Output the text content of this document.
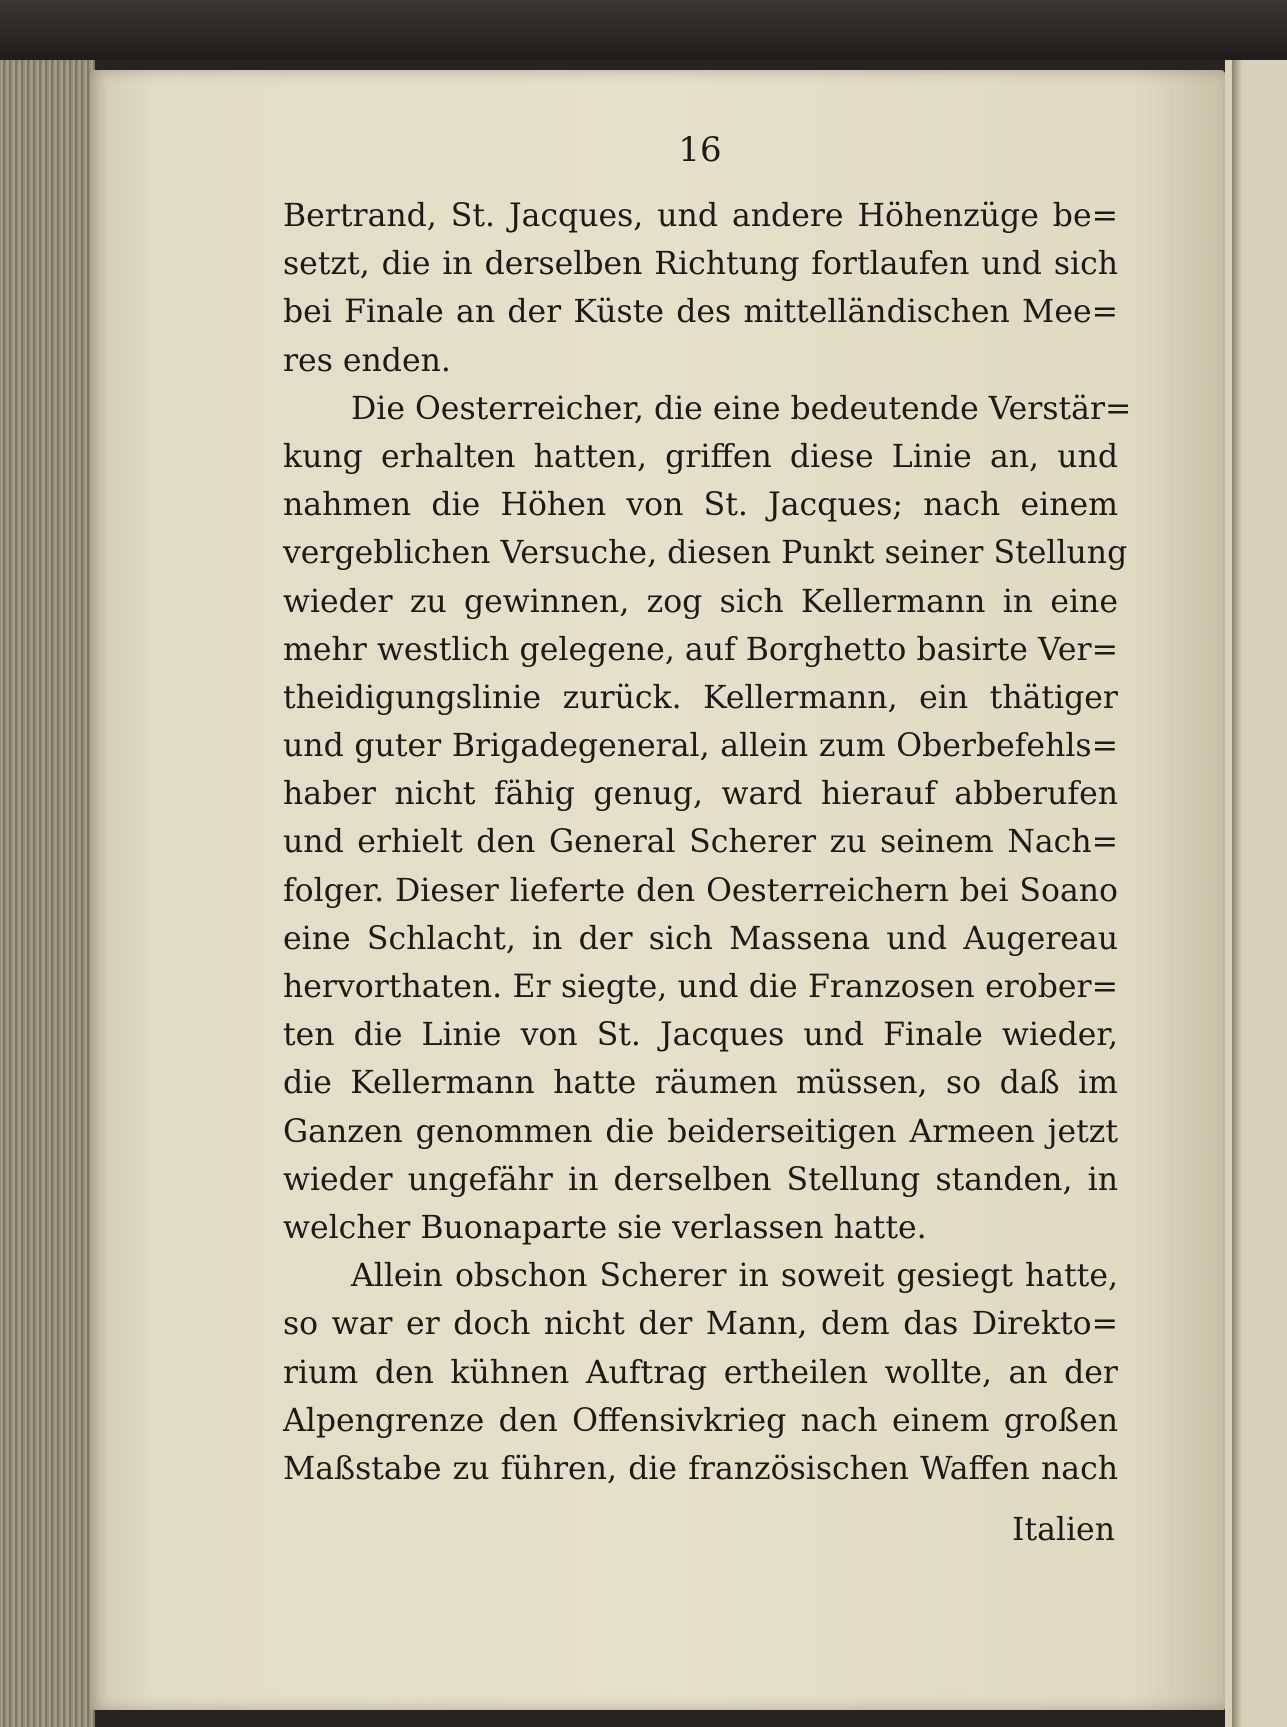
16
Bertrand, St. Jacques, und andere Höhenzüge be=
setzt, die in derselben Richtung fortlaufen und sich
bei Finale an der Küste des mittelländischen Mee=
res enden.
Die Oesterreicher, die eine bedeutende Verstär=
kung erhalten hatten, griffen diese Linie an, und
nahmen die Höhen von St. Jacques; nach einem
vergeblichen Versuche, diesen Punkt seiner Stellung
wieder zu gewinnen, zog sich Kellermann in eine
mehr westlich gelegene, auf Borghetto basirte Ver=
theidigungslinie zurück. Kellermann, ein thätiger
und guter Brigadegeneral, allein zum Oberbefehls=
haber nicht fähig genug, ward hierauf abberufen
und erhielt den General Scherer zu seinem Nach=
folger. Dieser lieferte den Oesterreichern bei Soano
eine Schlacht, in der sich Massena und Augereau
hervorthaten. Er siegte, und die Franzosen erober=
ten die Linie von St. Jacques und Finale wieder,
die Kellermann hatte räumen müssen, so daß im
Ganzen genommen die beiderseitigen Armeen jetzt
wieder ungefähr in derselben Stellung standen, in
welcher Buonaparte sie verlassen hatte.
Allein obschon Scherer in soweit gesiegt hatte,
so war er doch nicht der Mann, dem das Direkto=
rium den kühnen Auftrag ertheilen wollte, an der
Alpengrenze den Offensivkrieg nach einem großen
Maßstabe zu führen, die französischen Waffen nach
Italien
